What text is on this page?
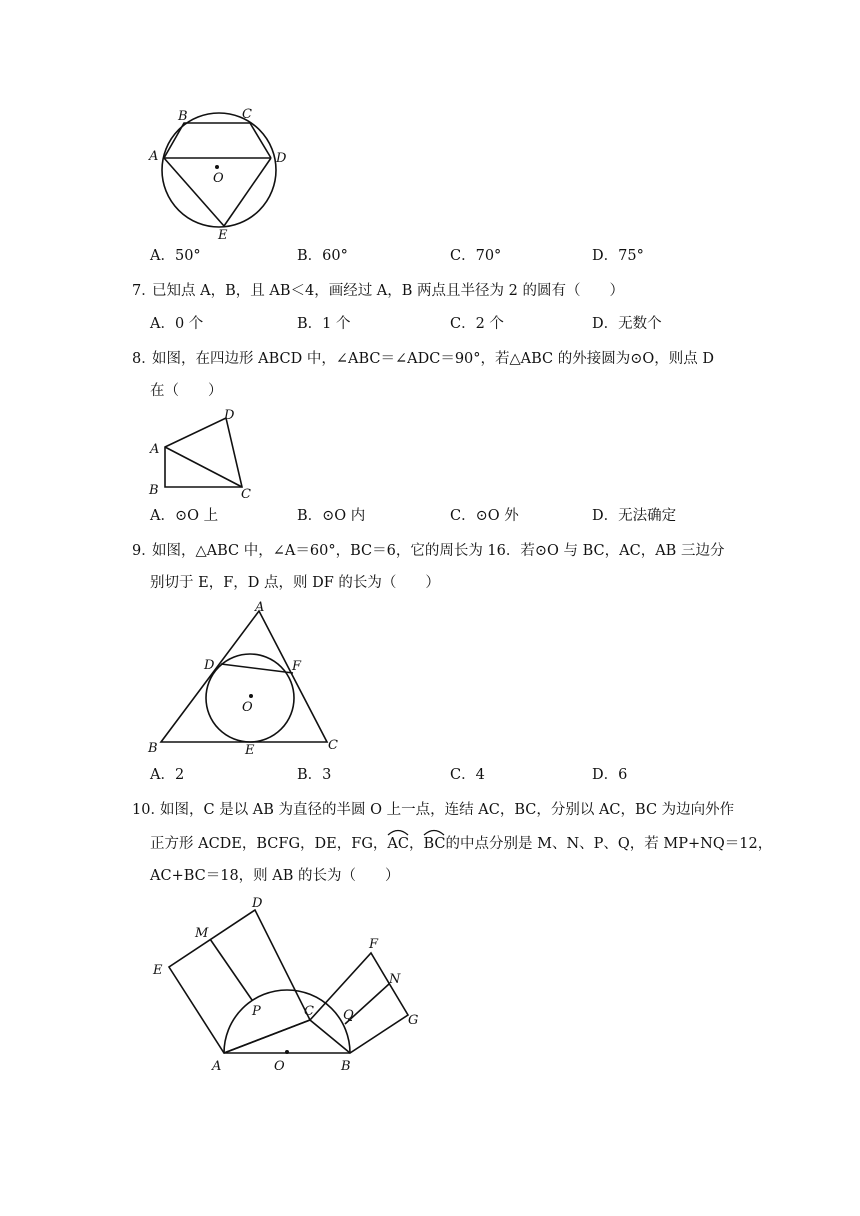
B	C
A	D
O
E
A．50°	B．60°	C．70°	D．75°
7．
已知点 A，B，且 AB＜4，画经过 A，B 两点且半径为 2 的圆有（　　）
A．0 个	B．1 个	C．2 个	D．无数个
8．
如图，在四边形 ABCD 中，∠ABC＝∠ADC＝90°，若△ABC 的外接圆为⊙O，则点 D
在（　　）
D
A
B	C
A．⊙O 上	B．⊙O 内	C．⊙O 外	D．无法确定
9．
如图，△ABC 中，∠A＝60°，BC＝6，它的周长为 16．若⊙O 与 BC，AC，AB 三边分
别切于 E，F，D 点，则 DF 的长为（　　）
A
D	F
O
B	E	C
A．2	B．3	C．4	D．6
10．
如图，C 是以 AB 为直径的半圆 O 上一点，连结 AC，BC，分别以 AC，BC 为边向外作
正方形 ACDE，BCFG，DE，FG，
AC，
BC的中点分别是 M、N、P、Q，若 MP+NQ＝12，
AC+BC＝18，则 AB 的长为（　　）
D
M
E
F
N
P	C Q	G
A	O	B
